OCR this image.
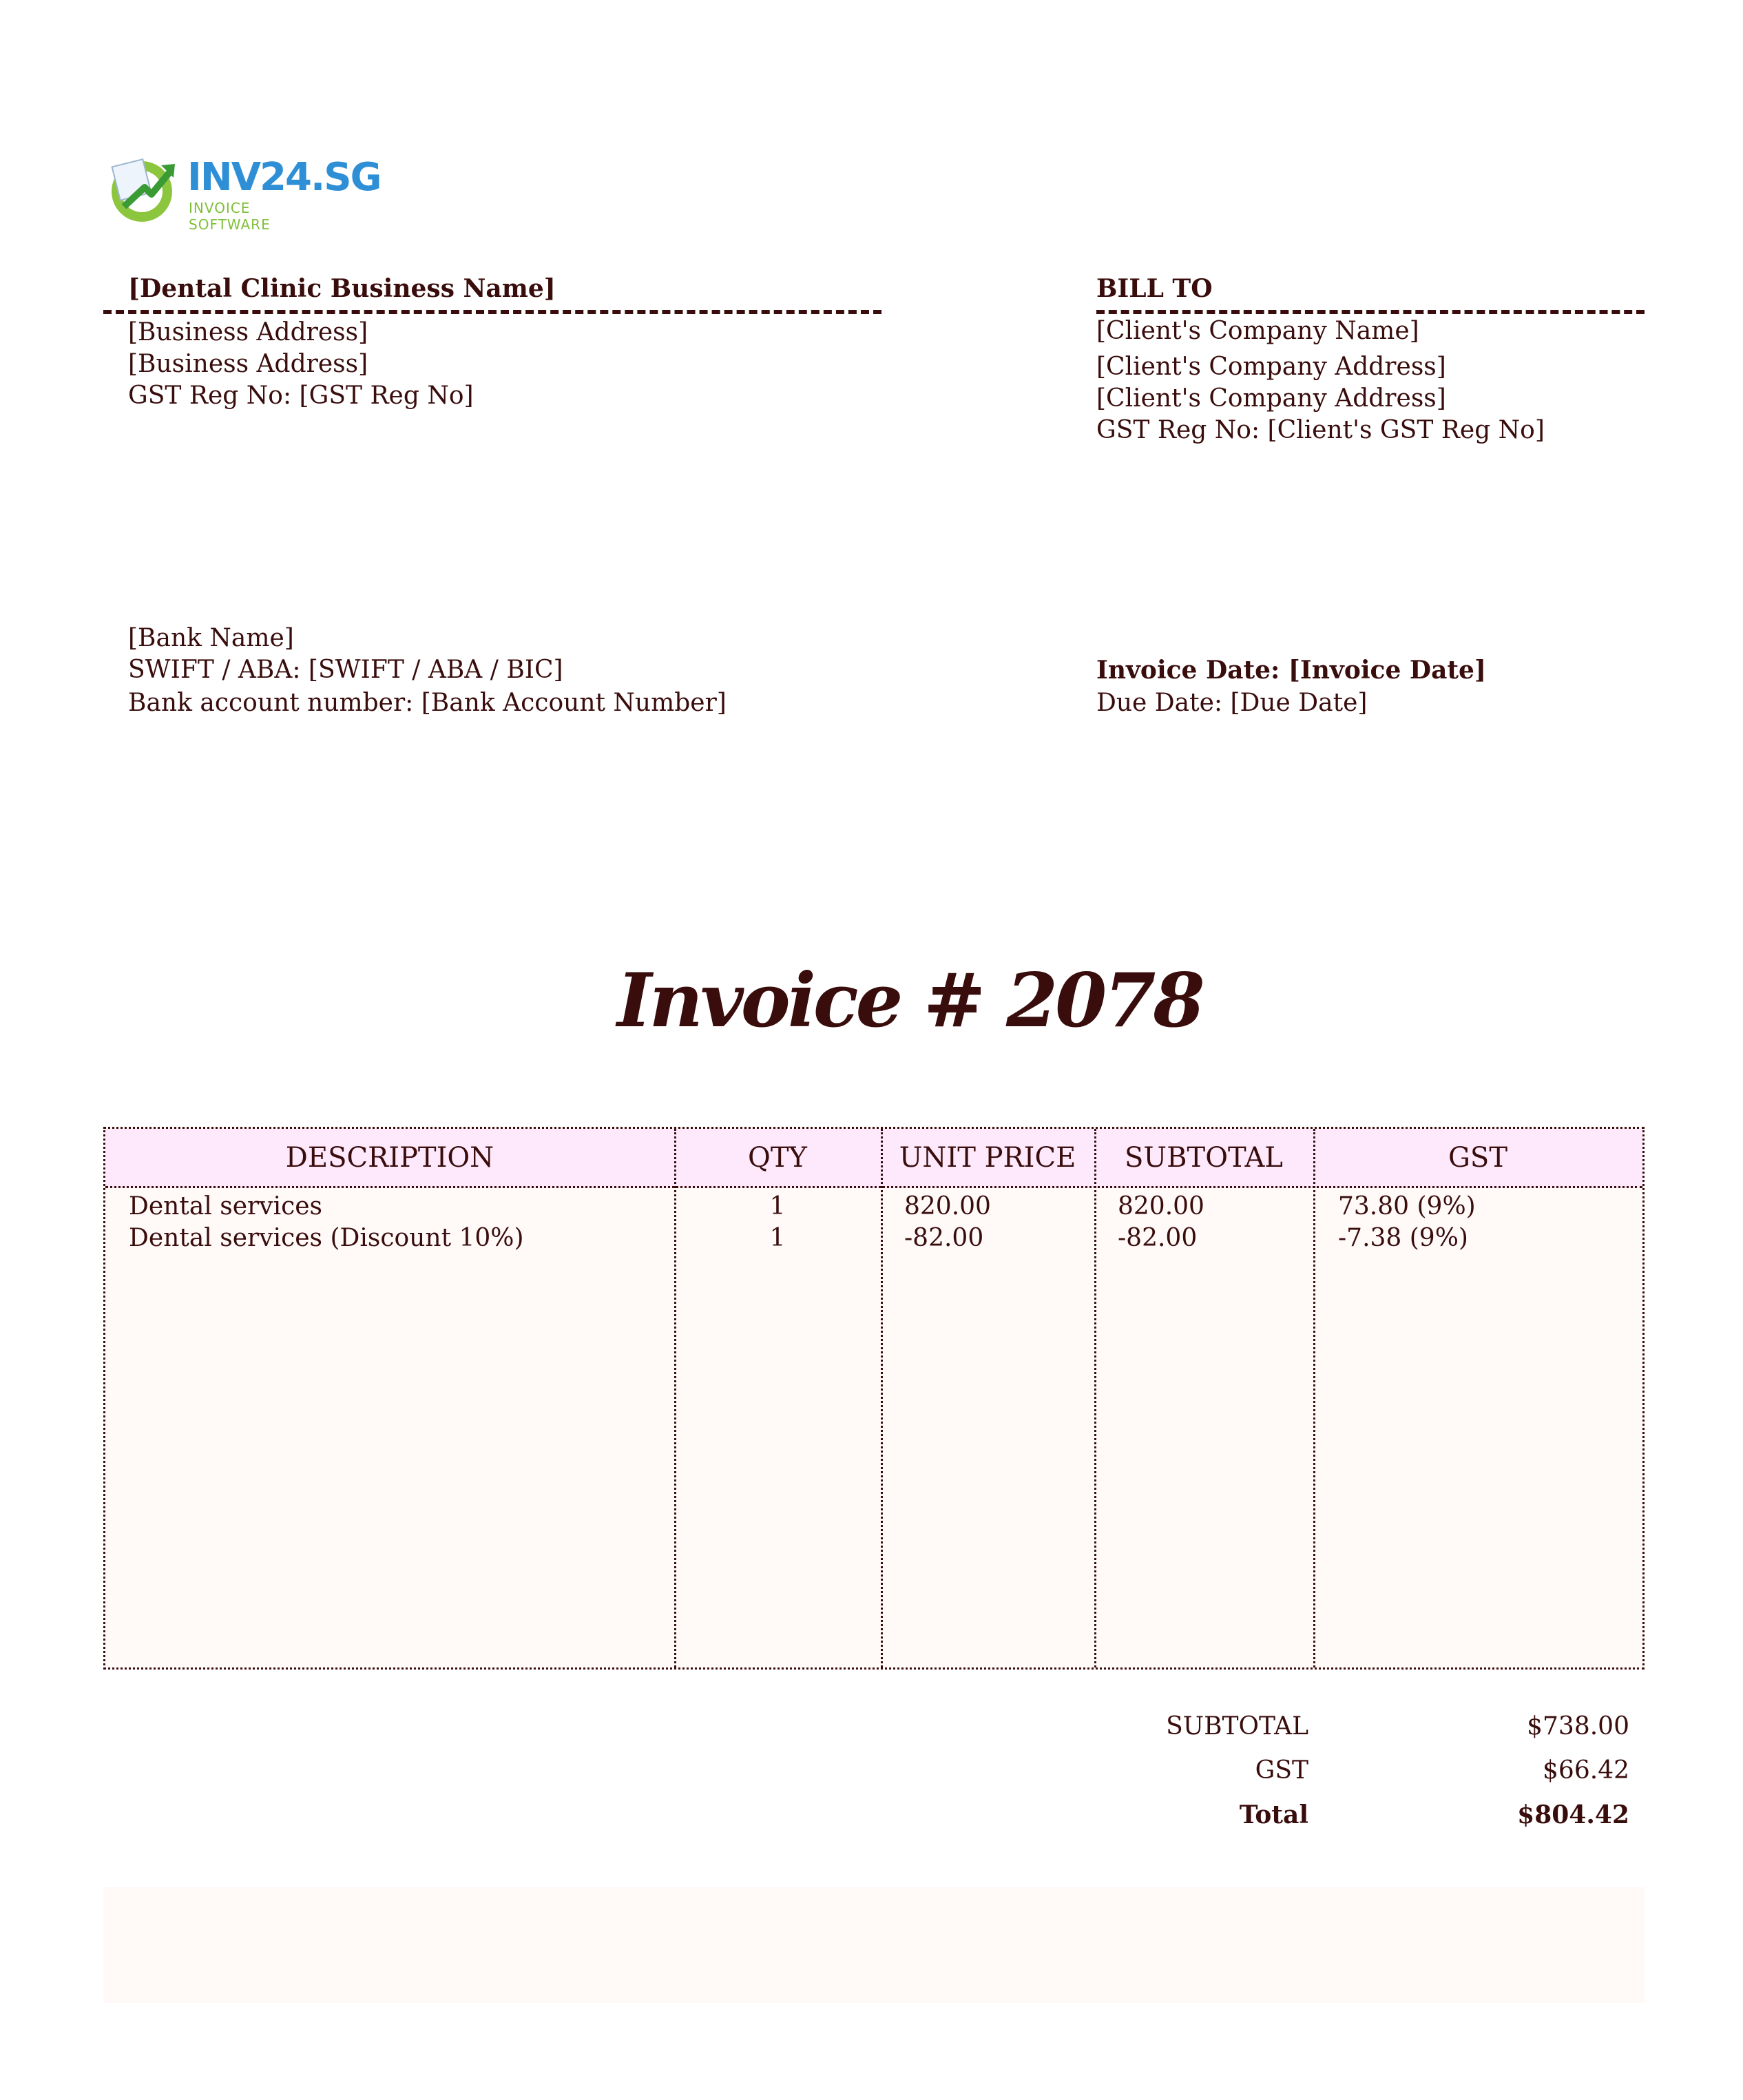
INV24.SG
INVOICE SOFTWARE
[Dental Clinic Business Name]
[Business Address]
[Business Address]
GST Reg No: [GST Reg No]
BILL TO
[Client's Company Name]
[Client's Company Address]
[Client's Company Address]
GST Reg No: [Client's GST Reg No]
[Bank Name]
SWIFT / ABA: [SWIFT / ABA / BIC]
Bank account number: [Bank Account Number]
Invoice Date: [Invoice Date]
Due Date: [Due Date]
Invoice # 2078
DESCRIPTION	QTY	UNIT PRICE	SUBTOTAL	GST
Dental services	1	820.00	820.00	73.80 (9%)
Dental services (Discount 10%)	1	-82.00	-82.00	-7.38 (9%)
SUBTOTAL	$738.00
GST	$66.42
Total	$804.42
